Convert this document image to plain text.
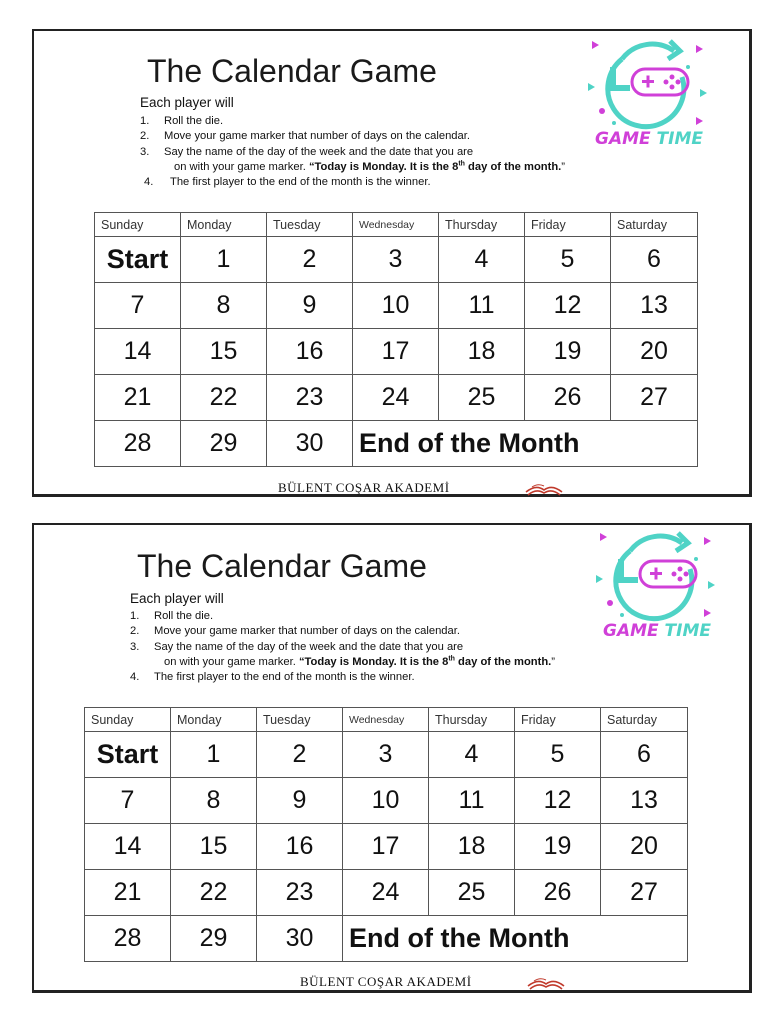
The Calendar Game
Each player will
1. Roll the die.
2. Move your game marker that number of days on the calendar.
3. Say the name of the day of the week and the date that you are
on with your game marker. “Today is Monday. It is the 8th day of the month.”
4. The first player to the end of the month is the winner.
GAME TIME
Sunday	Monday	Tuesday	Wednesday	Thursday	Friday	Saturday
Start	1	2	3	4	5	6
7	8	9	10	11	12	13
14	15	16	17	18	19	20
21	22	23	24	25	26	27
28	29	30	End of the Month			
BÜLENT COŞAR AKADEMİ
The Calendar Game
Each player will
1. Roll the die.
2. Move your game marker that number of days on the calendar.
3. Say the name of the day of the week and the date that you are
on with your game marker. “Today is Monday. It is the 8th day of the month.”
4. The first player to the end of the month is the winner.
GAME TIME
Sunday	Monday	Tuesday	Wednesday	Thursday	Friday	Saturday
Start	1	2	3	4	5	6
7	8	9	10	11	12	13
14	15	16	17	18	19	20
21	22	23	24	25	26	27
28	29	30	End of the Month			
BÜLENT COŞAR AKADEMİ
